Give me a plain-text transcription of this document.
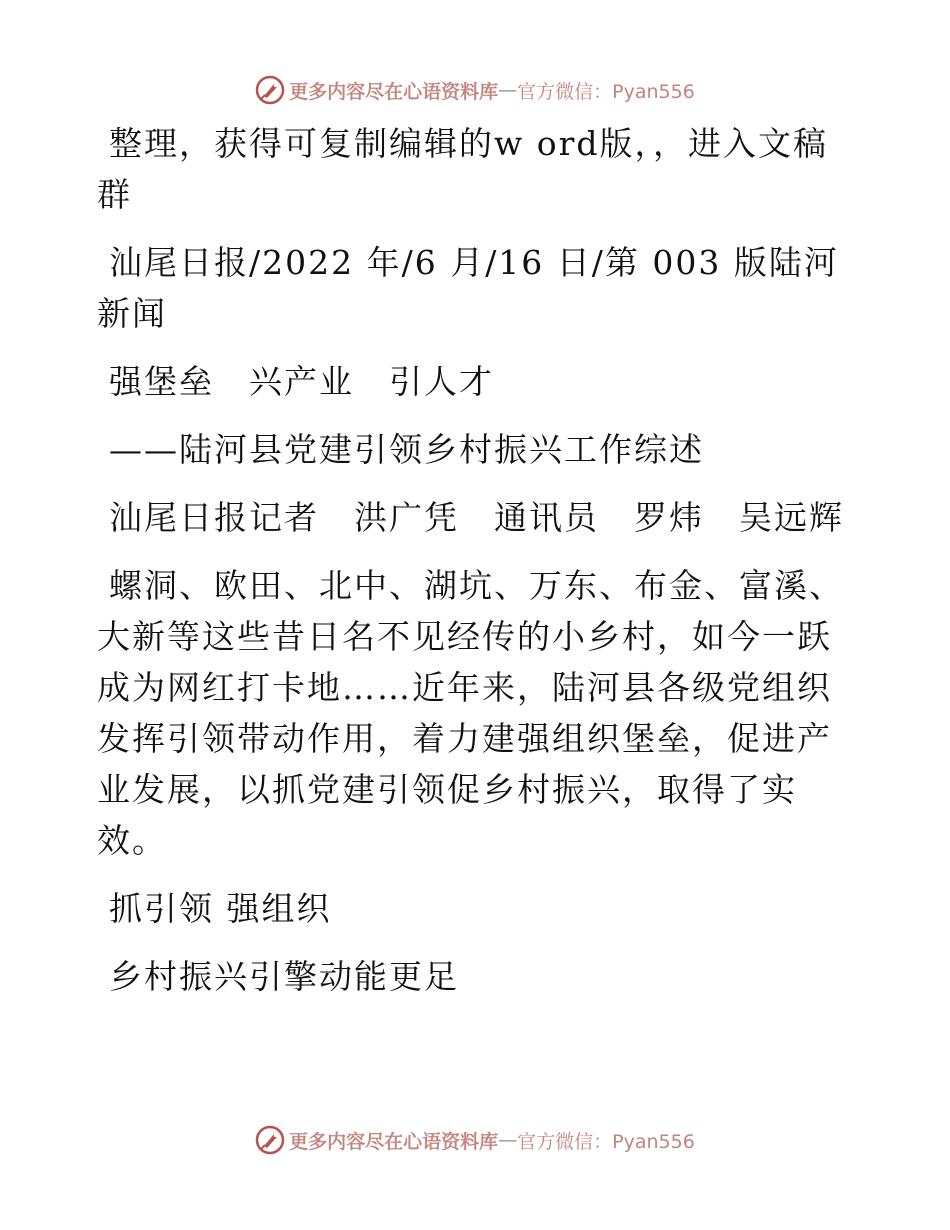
更多内容尽在心语资料库 — 官方微信：Pyan556

整理，获得可复制编辑的w ord版，，进入文稿群

汕尾日报/2022 年/6 月/16 日/第 003 版陆河新闻

强堡垒　兴产业　引人才

——陆河县党建引领乡村振兴工作综述

汕尾日报记者　洪广凭　通讯员　罗炜　吴远辉

螺洞、欧田、北中、湖坑、万东、布金、富溪、大新等这些昔日名不见经传的小乡村，如今一跃成为网红打卡地……近年来，陆河县各级党组织发挥引领带动作用，着力建强组织堡垒，促进产业发展，以抓党建引领促乡村振兴，取得了实效。

抓引领 强组织

乡村振兴引擎动能更足

更多内容尽在心语资料库 — 官方微信：Pyan556
